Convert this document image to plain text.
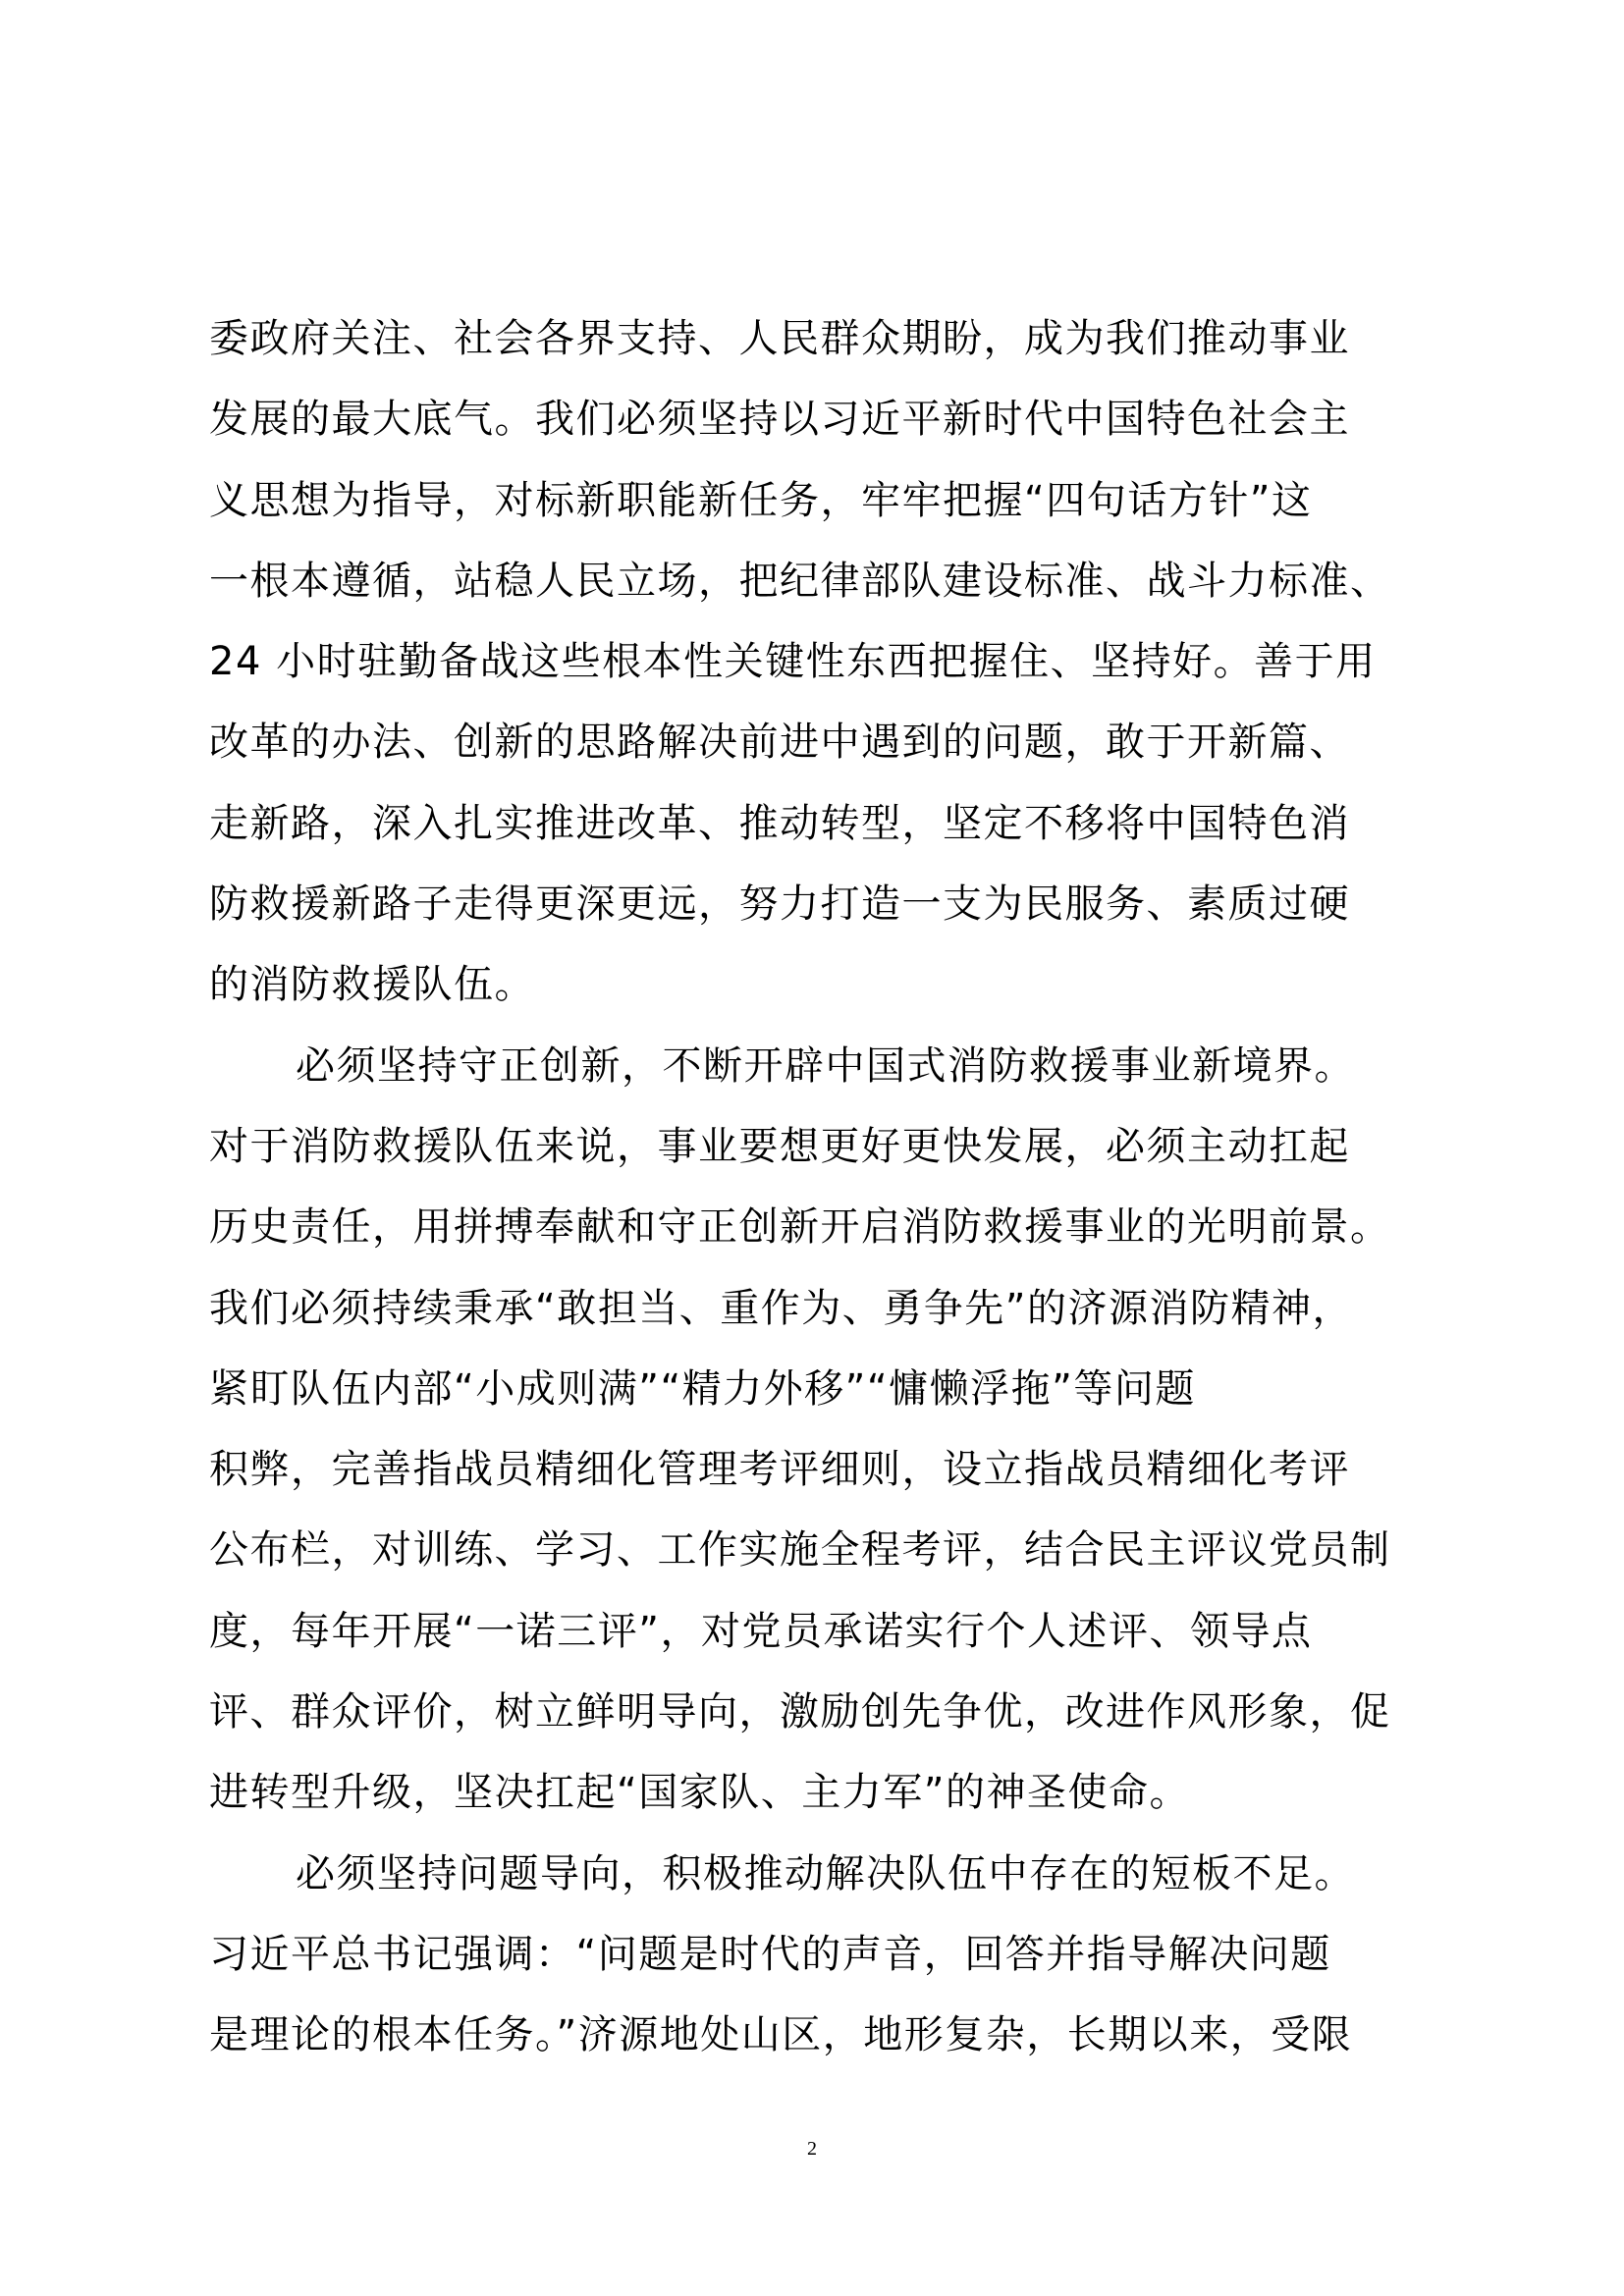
委政府关注、社会各界支持、人民群众期盼，成为我们推动事业
发展的最大底气。我们必须坚持以习近平新时代中国特色社会主
义思想为指导，对标新职能新任务，牢牢把握“四句话方针”这
一根本遵循，站稳人民立场，把纪律部队建设标准、战斗力标准、
24 小时驻勤备战这些根本性关键性东西把握住、坚持好。善于用
改革的办法、创新的思路解决前进中遇到的问题，敢于开新篇、
走新路，深入扎实推进改革、推动转型，坚定不移将中国特色消
防救援新路子走得更深更远，努力打造一支为民服务、素质过硬
的消防救援队伍。
必须坚持守正创新，不断开辟中国式消防救援事业新境界。
对于消防救援队伍来说，事业要想更好更快发展，必须主动扛起
历史责任，用拼搏奉献和守正创新开启消防救援事业的光明前景。
我们必须持续秉承“敢担当、重作为、勇争先”的济源消防精神，
紧盯队伍内部“小成则满”“精力外移”“慵懒浮拖”等问题
积弊，完善指战员精细化管理考评细则，设立指战员精细化考评
公布栏，对训练、学习、工作实施全程考评，结合民主评议党员制
度，每年开展“一诺三评”，对党员承诺实行个人述评、领导点
评、群众评价，树立鲜明导向，激励创先争优，改进作风形象，促
进转型升级，坚决扛起“国家队、主力军”的神圣使命。
必须坚持问题导向，积极推动解决队伍中存在的短板不足。
习近平总书记强调：“问题是时代的声音，回答并指导解决问题
是理论的根本任务。”济源地处山区，地形复杂，长期以来，受限
2
